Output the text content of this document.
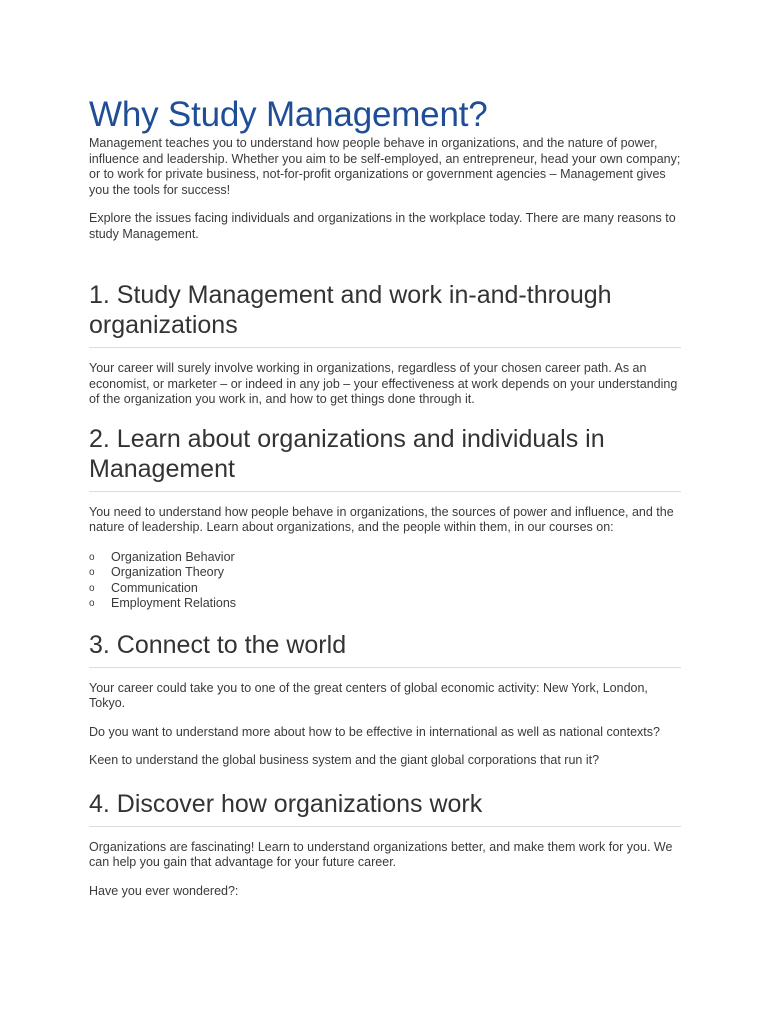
Why Study Management?

Management teaches you to understand how people behave in organizations, and the nature of power, influence and leadership. Whether you aim to be self-employed, an entrepreneur, head your own company; or to work for private business, not-for-profit organizations or government agencies – Management gives you the tools for success!

Explore the issues facing individuals and organizations in the workplace today. There are many reasons to study Management.

1. Study Management and work in-and-through organizations

Your career will surely involve working in organizations, regardless of your chosen career path. As an economist, or marketer – or indeed in any job – your effectiveness at work depends on your understanding of the organization you work in, and how to get things done through it.

2. Learn about organizations and individuals in Management

You need to understand how people behave in organizations, the sources of power and influence, and the nature of leadership. Learn about organizations, and the people within them, in our courses on:

o Organization Behavior
o Organization Theory
o Communication
o Employment Relations
3. Connect to the world

Your career could take you to one of the great centers of global economic activity: New York, London, Tokyo.

Do you want to understand more about how to be effective in international as well as national contexts?

Keen to understand the global business system and the giant global corporations that run it?

4. Discover how organizations work

Organizations are fascinating! Learn to understand organizations better, and make them work for you. We can help you gain that advantage for your future career.

Have you ever wondered?:
